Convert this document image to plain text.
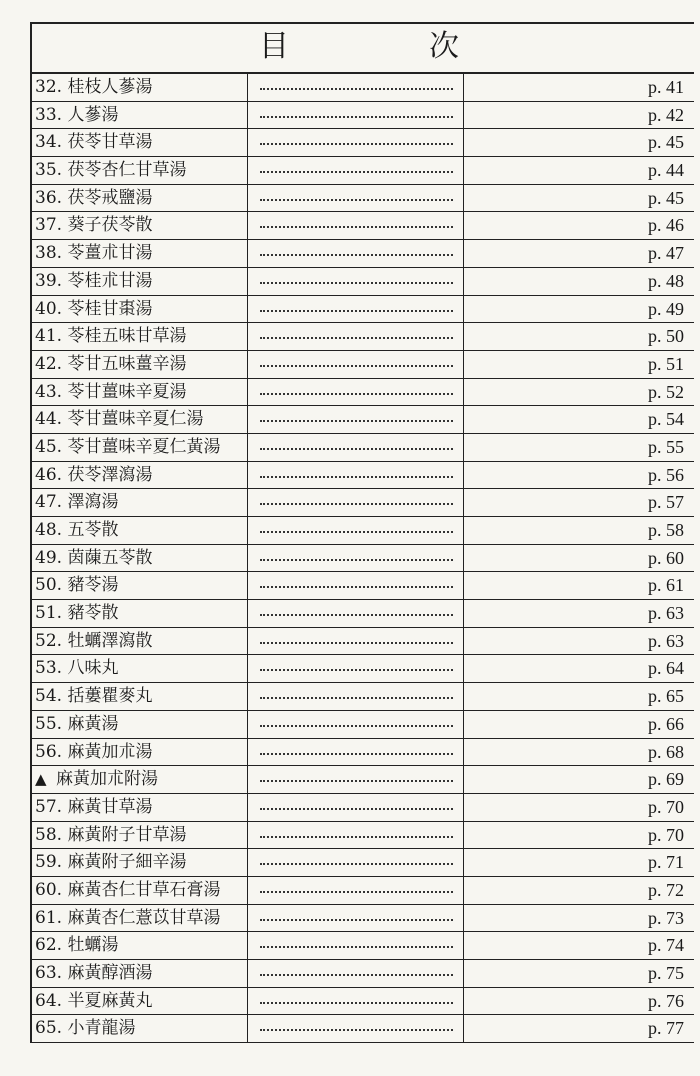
目	次
32. 桂枝人蔘湯	p. 41
33. 人蔘湯	p. 42
34. 茯苓甘草湯	p. 45
35. 茯苓杏仁甘草湯	p. 44
36. 茯苓戒鹽湯	p. 45
37. 葵子茯苓散	p. 46
38. 苓薑朮甘湯	p. 47
39. 苓桂朮甘湯	p. 48
40. 苓桂甘棗湯	p. 49
41. 苓桂五味甘草湯	p. 50
42. 苓甘五味薑辛湯	p. 51
43. 苓甘薑味辛夏湯	p. 52
44. 苓甘薑味辛夏仁湯	p. 54
45. 苓甘薑味辛夏仁黃湯	p. 55
46. 茯苓澤瀉湯	p. 56
47. 澤瀉湯	p. 57
48. 五苓散	p. 58
49. 茵蔯五苓散	p. 60
50. 豬苓湯	p. 61
51. 豬苓散	p. 63
52. 牡蠣澤瀉散	p. 63
53. 八味丸	p. 64
54. 括蔞瞿麥丸	p. 65
55. 麻黃湯	p. 66
56. 麻黃加朮湯	p. 68
▲ 麻黃加朮附湯	p. 69
57. 麻黃甘草湯	p. 70
58. 麻黃附子甘草湯	p. 70
59. 麻黃附子細辛湯	p. 71
60. 麻黃杏仁甘草石膏湯	p. 72
61. 麻黃杏仁薏苡甘草湯	p. 73
62. 牡蠣湯	p. 74
63. 麻黃醇酒湯	p. 75
64. 半夏麻黃丸	p. 76
65. 小青龍湯	p. 77
